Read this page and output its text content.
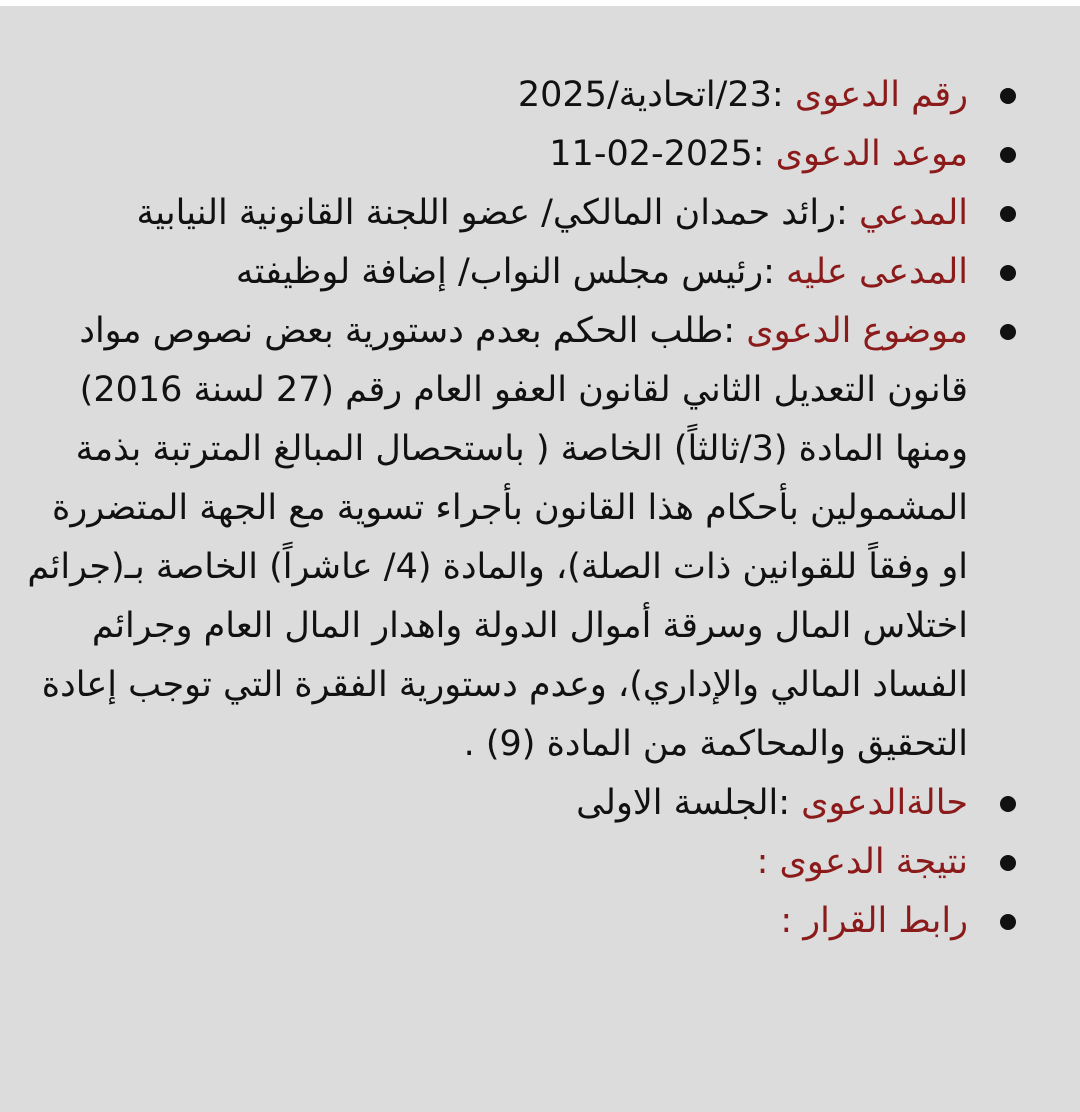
رقم الدعوى :23/اتحادية/2025
موعد الدعوى :2025-02-11
المدعي :رائد حمدان المالكي/ عضو اللجنة القانونية النيابية
المدعى عليه :رئيس مجلس النواب/ إضافة لوظيفته
موضوع الدعوى :طلب الحكم بعدم دستورية بعض نصوص مواد قانون التعديل الثاني لقانون العفو العام رقم (27 لسنة 2016) ومنها المادة (3/ثالثاً) الخاصة ( باستحصال المبالغ المترتبة بذمة المشمولين بأحكام هذا القانون بأجراء تسوية مع الجهة المتضررة او وفقاً للقوانين ذات الصلة)، والمادة (4/ عاشراً) الخاصة بـ(جرائم اختلاس المال وسرقة أموال الدولة واهدار المال العام وجرائم الفساد المالي والإداري)، وعدم دستورية الفقرة التي توجب إعادة التحقيق والمحاكمة من المادة (9) .
حالةالدعوى :الجلسة الاولى
نتيجة الدعوى :
رابط القرار :
